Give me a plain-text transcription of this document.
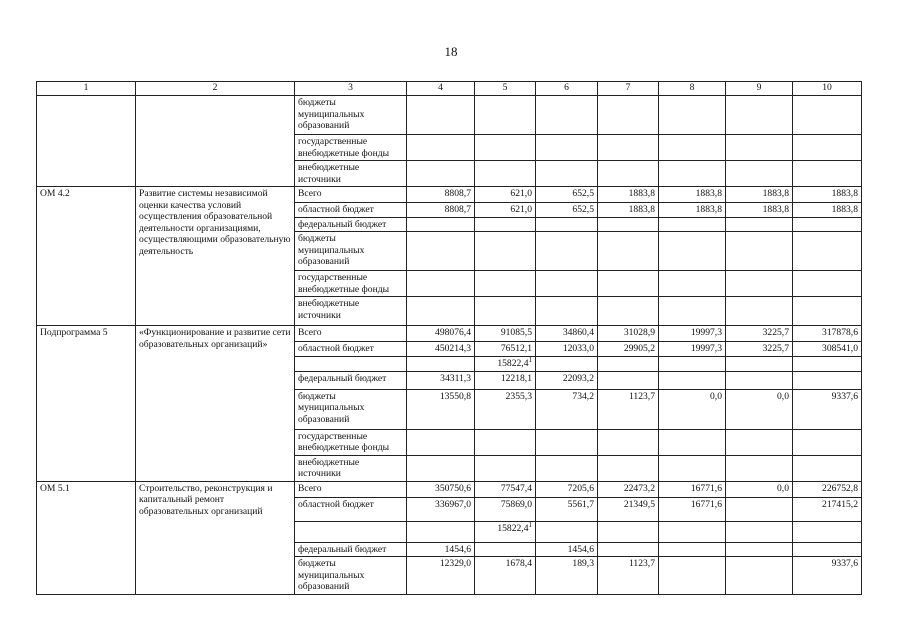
18
1	2	3	4	5	6	7	8	9	10
		бюджеты муниципальных образований							
		государственные внебюджетные фонды							
		внебюджетные источники							
ОМ 4.2	Развитие системы независимой оценки качества условий осуществления образовательной деятельности организациями, осуществляющими образовательную деятельность	Всего	8808,7	621,0	652,5	1883,8	1883,8	1883,8	1883,8
		областной бюджет	8808,7	621,0	652,5	1883,8	1883,8	1883,8	1883,8
		федеральный бюджет							
		бюджеты муниципальных образований							
		государственные внебюджетные фонды							
		внебюджетные источники							
Подпрограмма 5	«Функционирование и развитие сети образовательных организаций»	Всего	498076,4	91085,5	34860,4	31028,9	19997,3	3225,7	317878,6
		областной бюджет	450214,3	76512,1	12033,0	29905,2	19997,3	3225,7	308541,0
				15822,4$^1$					
		федеральный бюджет	34311,3	12218,1	22093,2				
		бюджеты муниципальных образований	13550,8	2355,3	734,2	1123,7	0,0	0,0	9337,6
		государственные внебюджетные фонды							
		внебюджетные источники							
ОМ 5.1	Строительство, реконструкция и капитальный ремонт образовательных организаций	Всего	350750,6	77547,4	7205,6	22473,2	16771,6	0,0	226752,8
		областной бюджет	336967,0	75869,0	5561,7	21349,5	16771,6		217415,2
				15822,4$^1$					
		федеральный бюджет	1454,6		1454,6				
		бюджеты муниципальных образований	12329,0	1678,4	189,3	1123,7			9337,6
